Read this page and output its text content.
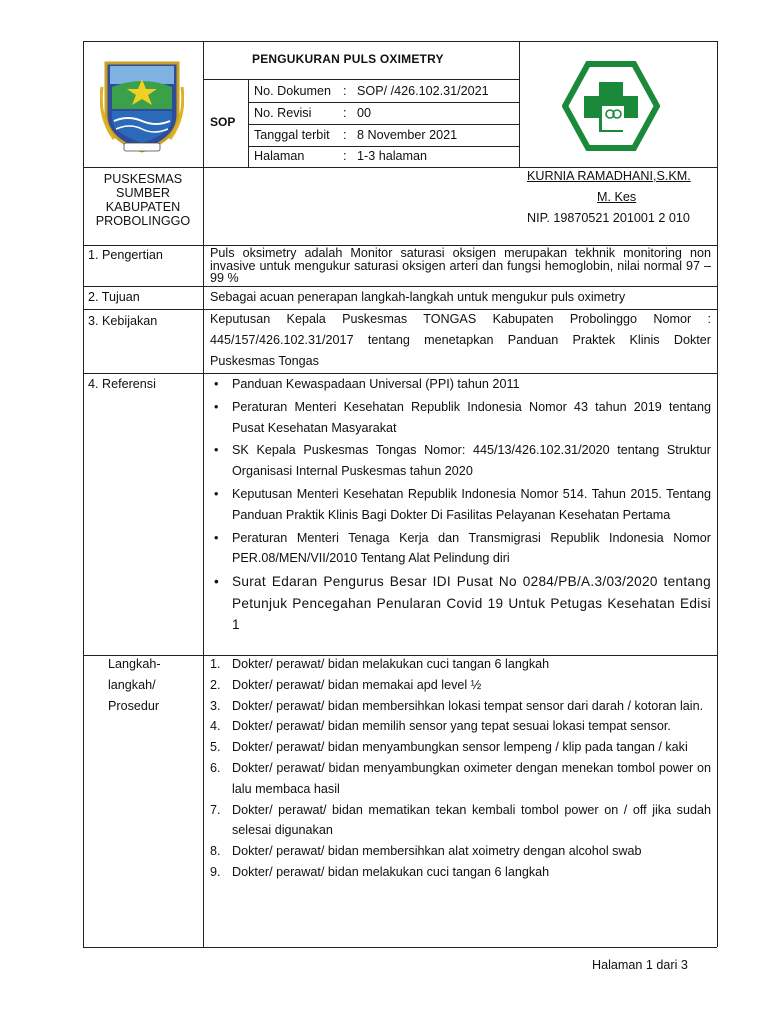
PENGUKURAN PULS OXIMETRY
SOP
No. Dokumen : SOP/ /426.102.31/2021
No. Revisi	: 00
Tanggal terbit : 8 November 2021
Halaman	: 1-3 halaman
PUSKESMAS
SUMBER
KABUPATEN
PROBOLINGGO
KURNIA RAMADHANI,S.KM.
M. Kes
NIP. 19870521 201001 2 010
1. Pengertian	Puls oksimetry adalah Monitor saturasi oksigen merupakan tekhnik monitoring non invasive untuk mengukur saturasi oksigen arteri dan fungsi hemoglobin, nilai normal 97 – 99 %
2. Tujuan	Sebagai acuan penerapan langkah-langkah untuk mengukur puls oximetry
3. Kebijakan	Keputusan Kepala Puskesmas TONGAS Kabupaten Probolinggo Nomor : 445/157/426.102.31/2017 tentang menetapkan Panduan Praktek Klinis Dokter Puskesmas Tongas
4. Referensi	• Panduan Kewaspadaan Universal (PPI) tahun 2011
• Peraturan Menteri Kesehatan Republik Indonesia Nomor 43 tahun 2019 tentang Pusat Kesehatan Masyarakat
• SK Kepala Puskesmas Tongas Nomor: 445/13/426.102.31/2020 tentang Struktur Organisasi Internal Puskesmas tahun 2020
• Keputusan Menteri Kesehatan Republik Indonesia Nomor 514. Tahun 2015. Tentang Panduan Praktik Klinis Bagi Dokter Di Fasilitas Pelayanan Kesehatan Pertama
• Peraturan Menteri Tenaga Kerja dan Transmigrasi Republik Indonesia Nomor PER.08/MEN/VII/2010 Tentang Alat Pelindung diri
• Surat Edaran Pengurus Besar IDI Pusat No 0284/PB/A.3/03/2020 tentang Petunjuk Pencegahan Penularan Covid 19 Untuk Petugas Kesehatan Edisi 1
Langkah-
langkah/
Prosedur
1. Dokter/ perawat/ bidan melakukan cuci tangan 6 langkah
2. Dokter/ perawat/ bidan memakai apd level ½
3. Dokter/ perawat/ bidan membersihkan lokasi tempat sensor dari darah / kotoran lain.
4. Dokter/ perawat/ bidan memilih sensor yang tepat sesuai lokasi tempat sensor.
5. Dokter/ perawat/ bidan menyambungkan sensor lempeng / klip pada tangan / kaki
6. Dokter/ perawat/ bidan menyambungkan oximeter dengan menekan tombol power on lalu membaca hasil
7. Dokter/ perawat/ bidan mematikan tekan kembali tombol power on / off jika sudah selesai digunakan
8. Dokter/ perawat/ bidan membersihkan alat xoimetry dengan alcohol swab
9. Dokter/ perawat/ bidan melakukan cuci tangan 6 langkah
Halaman 1 dari 3
